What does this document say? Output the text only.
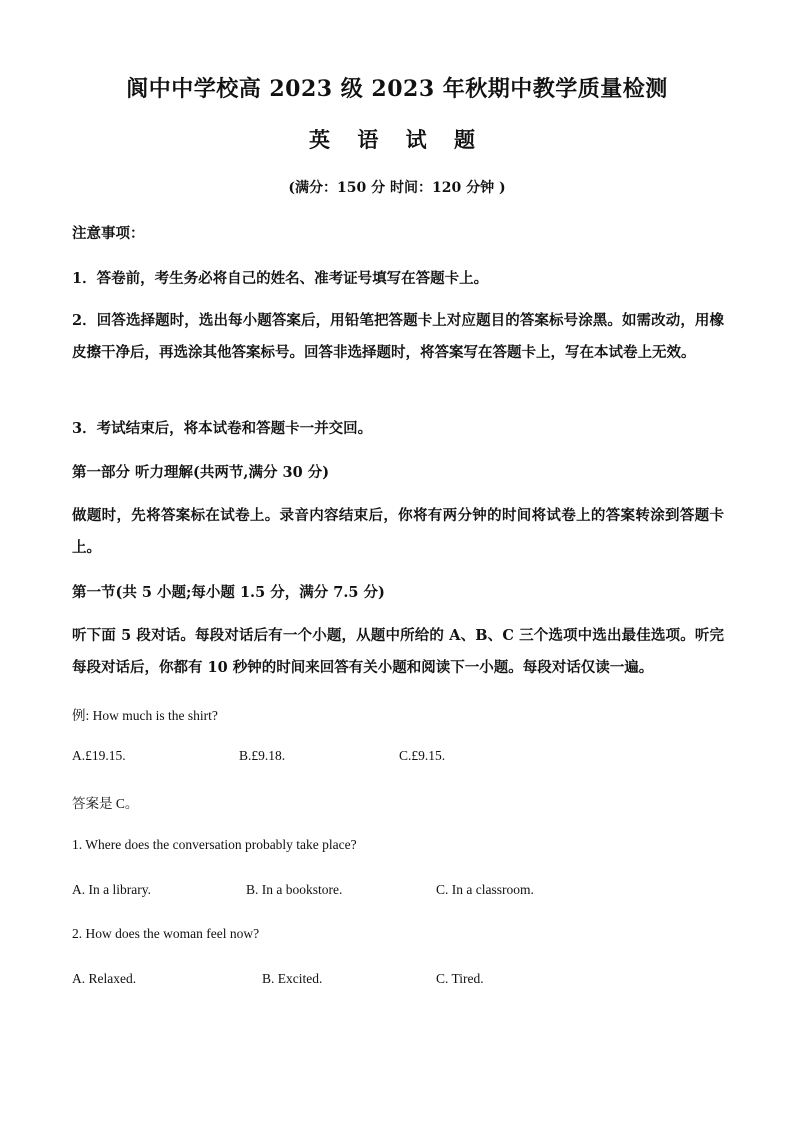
阆中中学校高 2023 级 2023 年秋期中教学质量检测
英 语 试 题
(满分：150 分 时间：120 分钟 )
注意事项：
1．答卷前，考生务必将自己的姓名、准考证号填写在答题卡上。
2．回答选择题时，选出每小题答案后，用铅笔把答题卡上对应题目的答案标号涂黑。如需改动，用橡皮擦干净后，再选涂其他答案标号。回答非选择题时，将答案写在答题卡上，写在本试卷上无效。
3．考试结束后，将本试卷和答题卡一并交回。
第一部分 听力理解(共两节,满分 30 分)
做题时，先将答案标在试卷上。录音内容结束后，你将有两分钟的时间将试卷上的答案转涂到答题卡上。
第一节(共 5 小题;每小题 1.5 分，满分 7.5 分)
听下面 5 段对话。每段对话后有一个小题，从题中所给的 A、B、C 三个选项中选出最佳选项。听完每段对话后，你都有 10 秒钟的时间来回答有关小题和阅读下一小题。每段对话仅读一遍。
例: How much is the shirt?
A.£19.15.	B.£9.18.	C.£9.15.
答案是 C。
1. Where does the conversation probably take place?
A. In a library.	B. In a bookstore.	C. In a classroom.
2. How does the woman feel now?
A. Relaxed.	B. Excited.	C. Tired.
